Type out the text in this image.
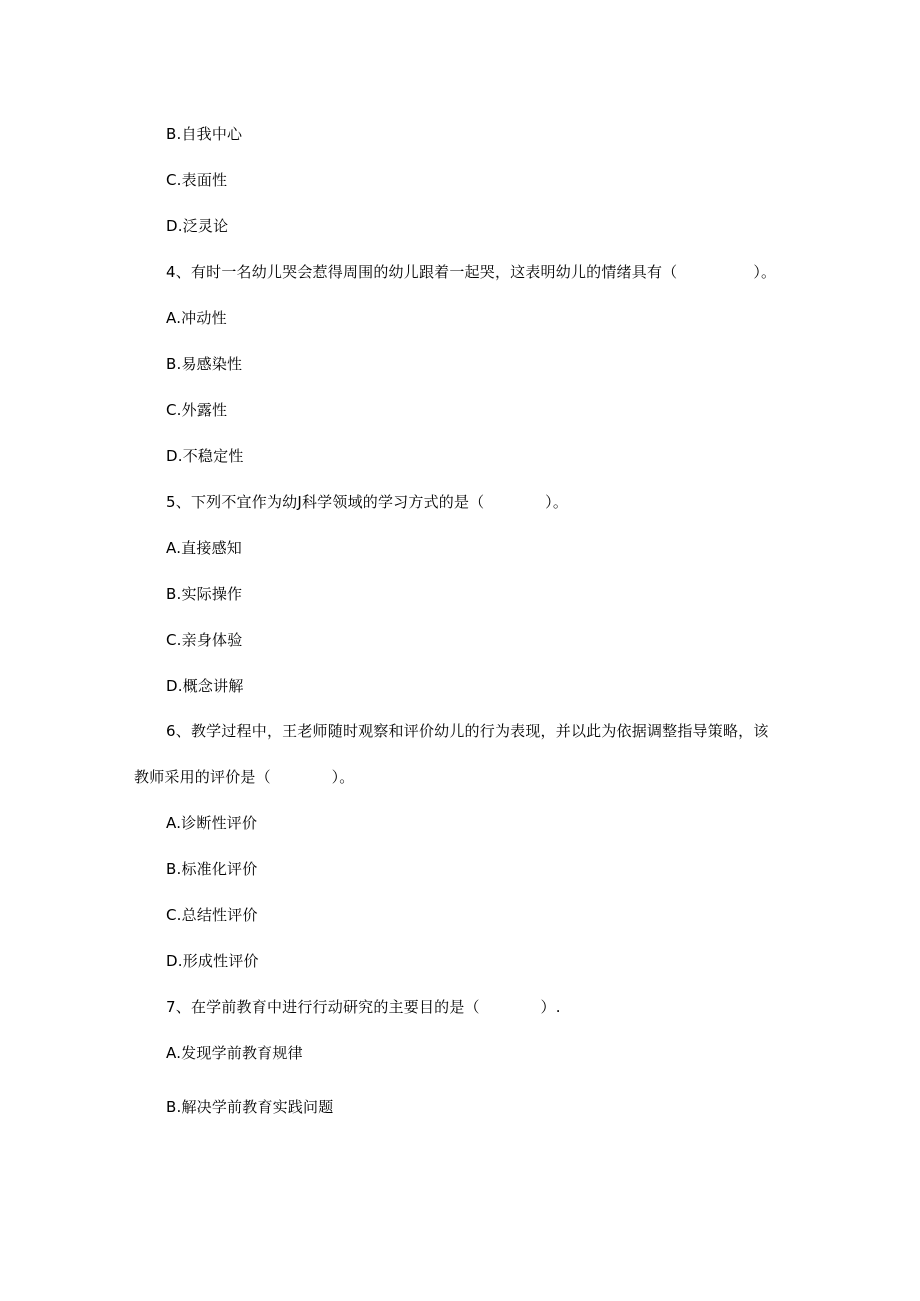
B.自我中心
C.表面性
D.泛灵论
4、有时一名幼儿哭会惹得周围的幼儿跟着一起哭，这表明幼儿的情绪具有（　　　　　）。
A.冲动性
B.易感染性
C.外露性
D.不稳定性
5、下列不宜作为幼J科学领域的学习方式的是（　　　　）。
A.直接感知
B.实际操作
C.亲身体验
D.概念讲解
6、教学过程中，王老师随时观察和评价幼儿的行为表现，并以此为依据调整指导策略，该
教师采用的评价是（　　　　）。
A.诊断性评价
B.标准化评价
C.总结性评价
D.形成性评价
7、在学前教育中进行行动研究的主要目的是（　　　　）.
A.发现学前教育规律
B.解决学前教育实践问题
